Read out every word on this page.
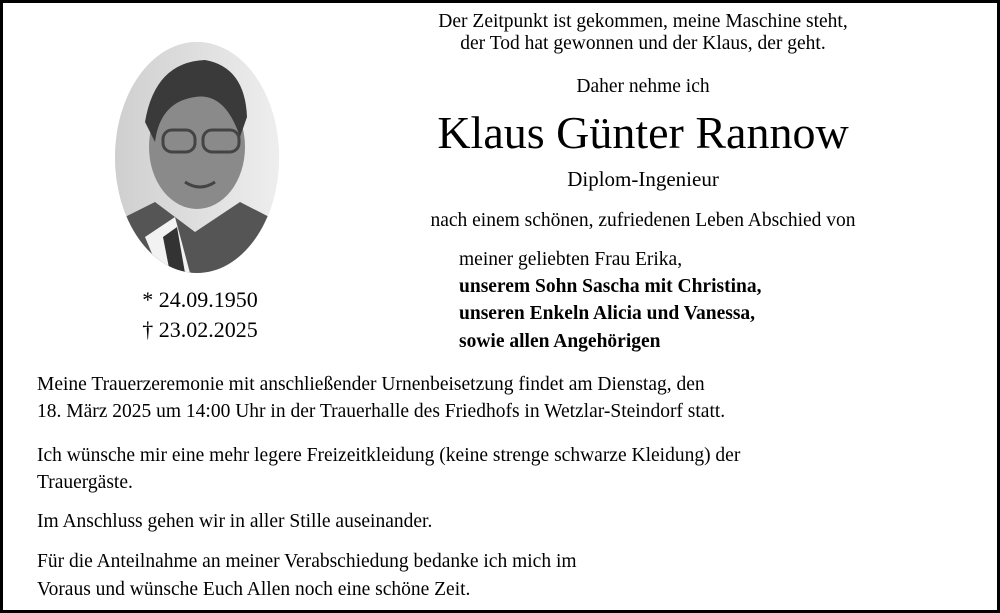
* 24.09.1950
† 23.02.2025
Der Zeitpunkt ist gekommen, meine Maschine steht,
der Tod hat gewonnen und der Klaus, der geht.
Daher nehme ich
Klaus Günter Rannow
Diplom-Ingenieur
nach einem schönen, zufriedenen Leben Abschied von
meiner geliebten Frau Erika,
unserem Sohn Sascha mit Christina,
unseren Enkeln Alicia und Vanessa,
sowie allen Angehörigen
Meine Trauerzeremonie mit anschließender Urnenbeisetzung findet am Dienstag, den
18. März 2025 um 14:00 Uhr in der Trauerhalle des Friedhofs in Wetzlar-Steindorf statt.
Ich wünsche mir eine mehr legere Freizeitkleidung (keine strenge schwarze Kleidung) der
Trauergäste.
Im Anschluss gehen wir in aller Stille auseinander.
Für die Anteilnahme an meiner Verabschiedung bedanke ich mich im
Voraus und wünsche Euch Allen noch eine schöne Zeit.
